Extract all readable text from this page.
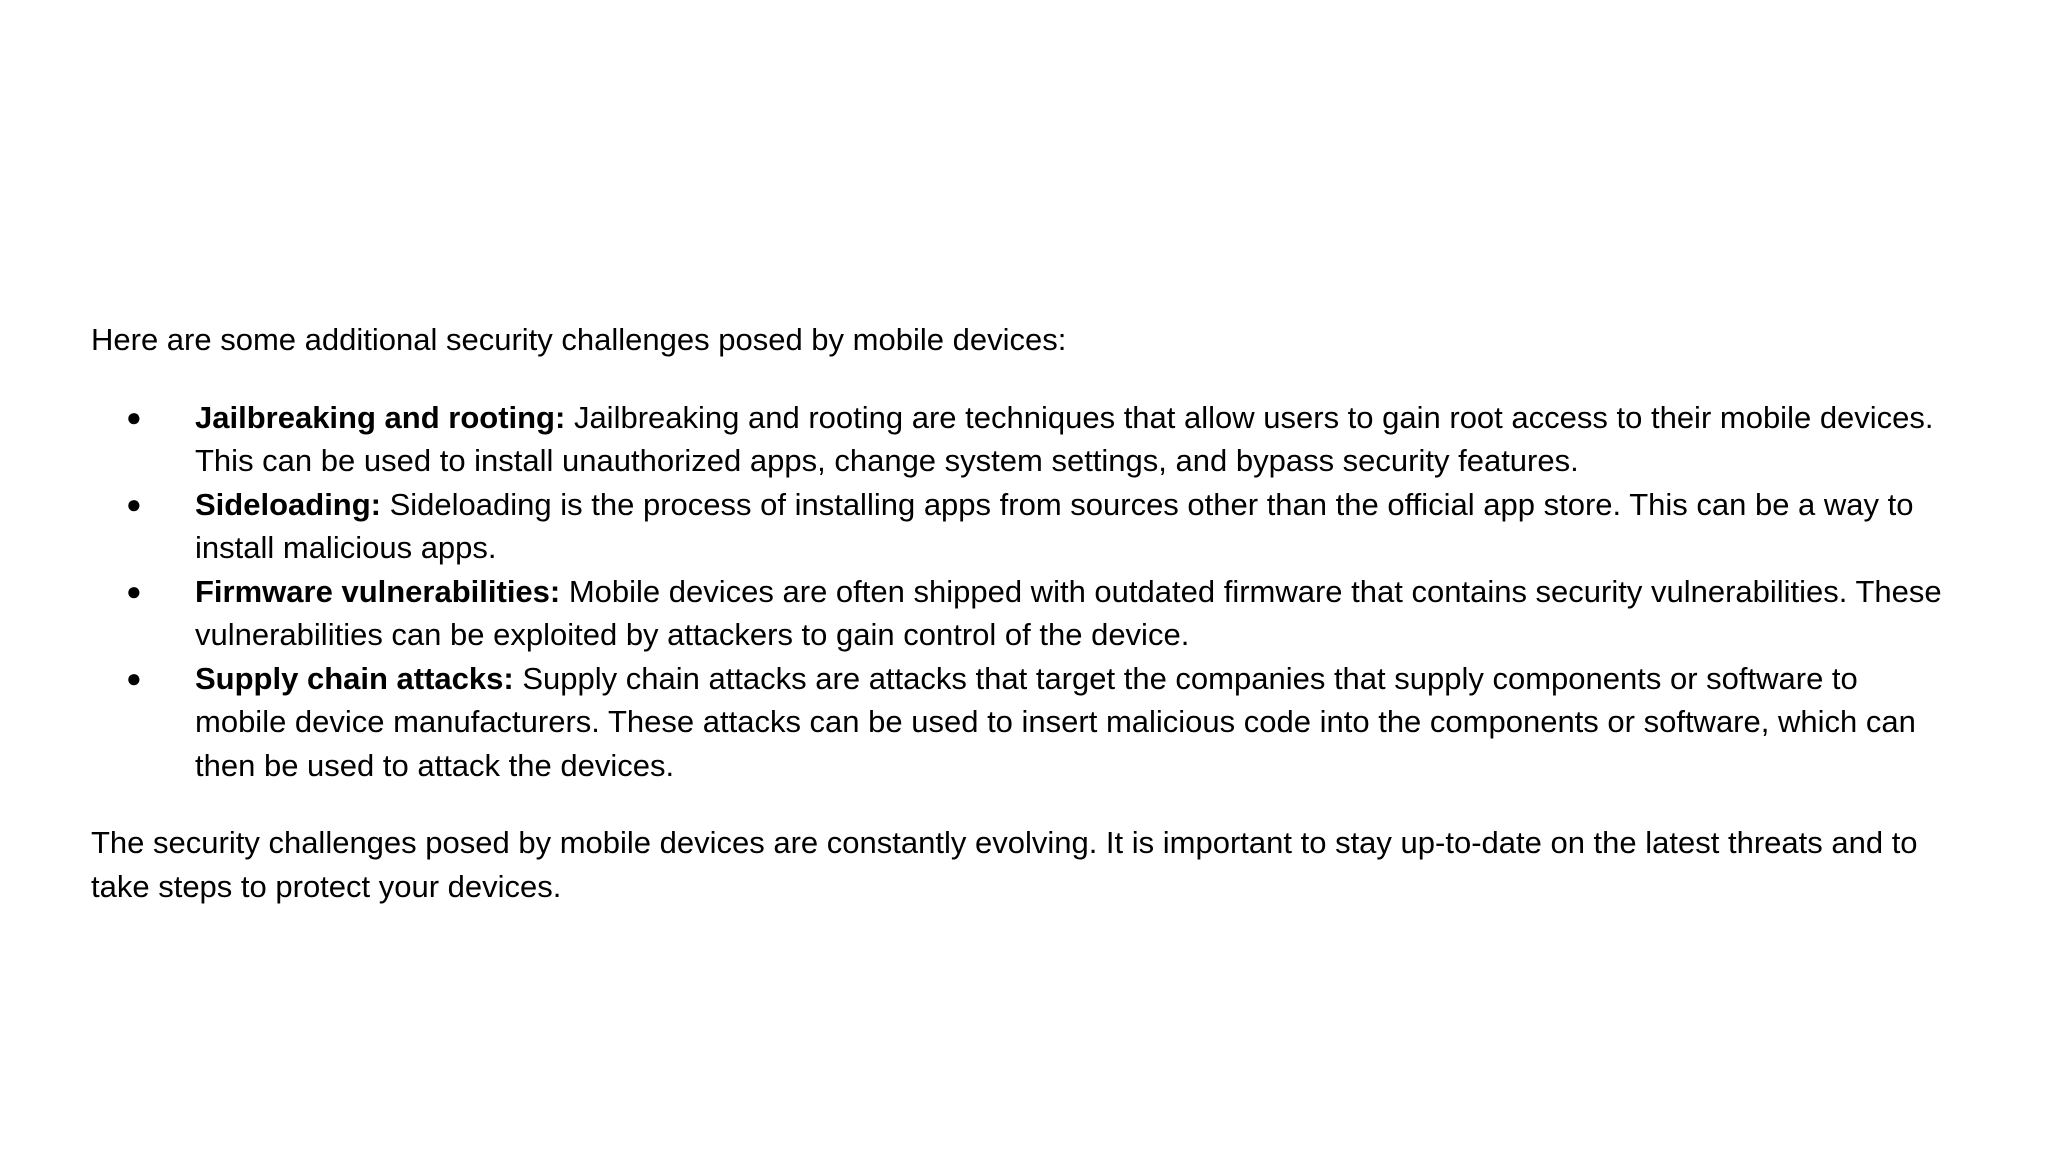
Here are some additional security challenges posed by mobile devices:

● Jailbreaking and rooting: Jailbreaking and rooting are techniques that allow users to gain root access to their mobile devices.
This can be used to install unauthorized apps, change system settings, and bypass security features.
● Sideloading: Sideloading is the process of installing apps from sources other than the official app store. This can be a way to
install malicious apps.
● Firmware vulnerabilities: Mobile devices are often shipped with outdated firmware that contains security vulnerabilities. These
vulnerabilities can be exploited by attackers to gain control of the device.
● Supply chain attacks: Supply chain attacks are attacks that target the companies that supply components or software to
mobile device manufacturers. These attacks can be used to insert malicious code into the components or software, which can
then be used to attack the devices.

The security challenges posed by mobile devices are constantly evolving. It is important to stay up-to-date on the latest threats and to
take steps to protect your devices.
